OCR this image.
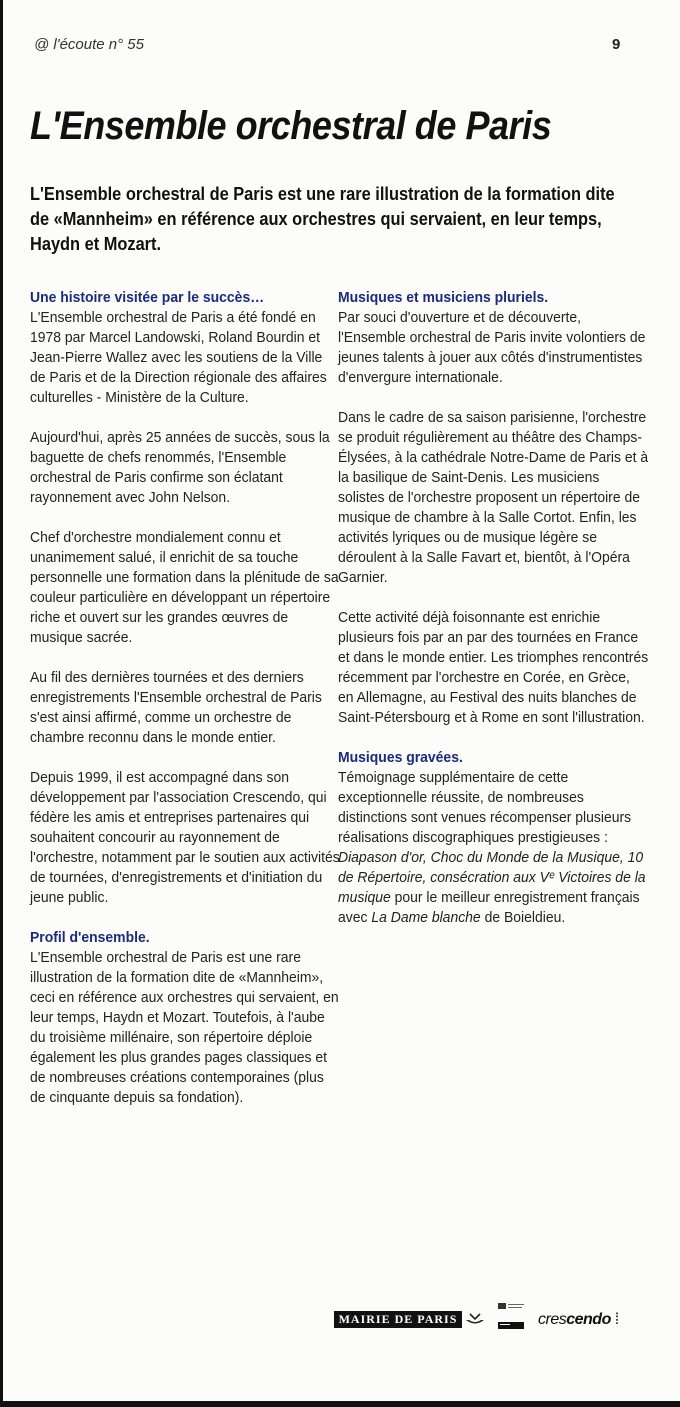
@ l'écoute n° 55	9
L'Ensemble orchestral de Paris

L'Ensemble orchestral de Paris est une rare illustration de la formation dite de «Mannheim» en référence aux orchestres qui servaient, en leur temps, Haydn et Mozart.

Une histoire visitée par le succès…
L'Ensemble orchestral de Paris a été fondé en 1978 par Marcel Landowski, Roland Bourdin et Jean-Pierre Wallez avec les soutiens de la Ville de Paris et de la Direction régionale des affaires culturelles - Ministère de la Culture.
Aujourd'hui, après 25 années de succès, sous la baguette de chefs renommés, l'Ensemble orchestral de Paris confirme son éclatant rayonnement avec John Nelson.
Chef d'orchestre mondialement connu et unanimement salué, il enrichit de sa touche personnelle une formation dans la plénitude de sa couleur particulière en développant un répertoire riche et ouvert sur les grandes œuvres de musique sacrée.
Au fil des dernières tournées et des derniers enregistrements l'Ensemble orchestral de Paris s'est ainsi affirmé, comme un orchestre de chambre reconnu dans le monde entier.
Depuis 1999, il est accompagné dans son développement par l'association Crescendo, qui fédère les amis et entreprises partenaires qui souhaitent concourir au rayonnement de l'orchestre, notamment par le soutien aux activités de tournées, d'enregistrements et d'initiation du jeune public.
Profil d'ensemble.
L'Ensemble orchestral de Paris est une rare illustration de la formation dite de «Mannheim», ceci en référence aux orchestres qui servaient, en leur temps, Haydn et Mozart. Toutefois, à l'aube du troisième millénaire, son répertoire déploie également les plus grandes pages classiques et de nombreuses créations contemporaines (plus de cinquante depuis sa fondation).
Musiques et musiciens pluriels.
Par souci d'ouverture et de découverte, l'Ensemble orchestral de Paris invite volontiers de jeunes talents à jouer aux côtés d'instrumentistes d'envergure internationale.
Dans le cadre de sa saison parisienne, l'orchestre se produit régulièrement au théâtre des Champs-Élysées, à la cathédrale Notre-Dame de Paris et à la basilique de Saint-Denis. Les musiciens solistes de l'orchestre proposent un répertoire de musique de chambre à la Salle Cortot. Enfin, les activités lyriques ou de musique légère se déroulent à la Salle Favart et, bientôt, à l'Opéra Garnier.
Cette activité déjà foisonnante est enrichie plusieurs fois par an par des tournées en France et dans le monde entier. Les triomphes rencontrés récemment par l'orchestre en Corée, en Grèce, en Allemagne, au Festival des nuits blanches de Saint-Pétersbourg et à Rome en sont l'illustration.
Musiques gravées.
Témoignage supplémentaire de cette exceptionnelle réussite, de nombreuses distinctions sont venues récompenser plusieurs réalisations discographiques prestigieuses : Diapason d'or, Choc du Monde de la Musique, 10 de Répertoire, consécration aux Vᵉ Victoires de la musique pour le meilleur enregistrement français avec La Dame blanche de Boieldieu.
MAIRIE DE PARIS	crescendo ⁞
